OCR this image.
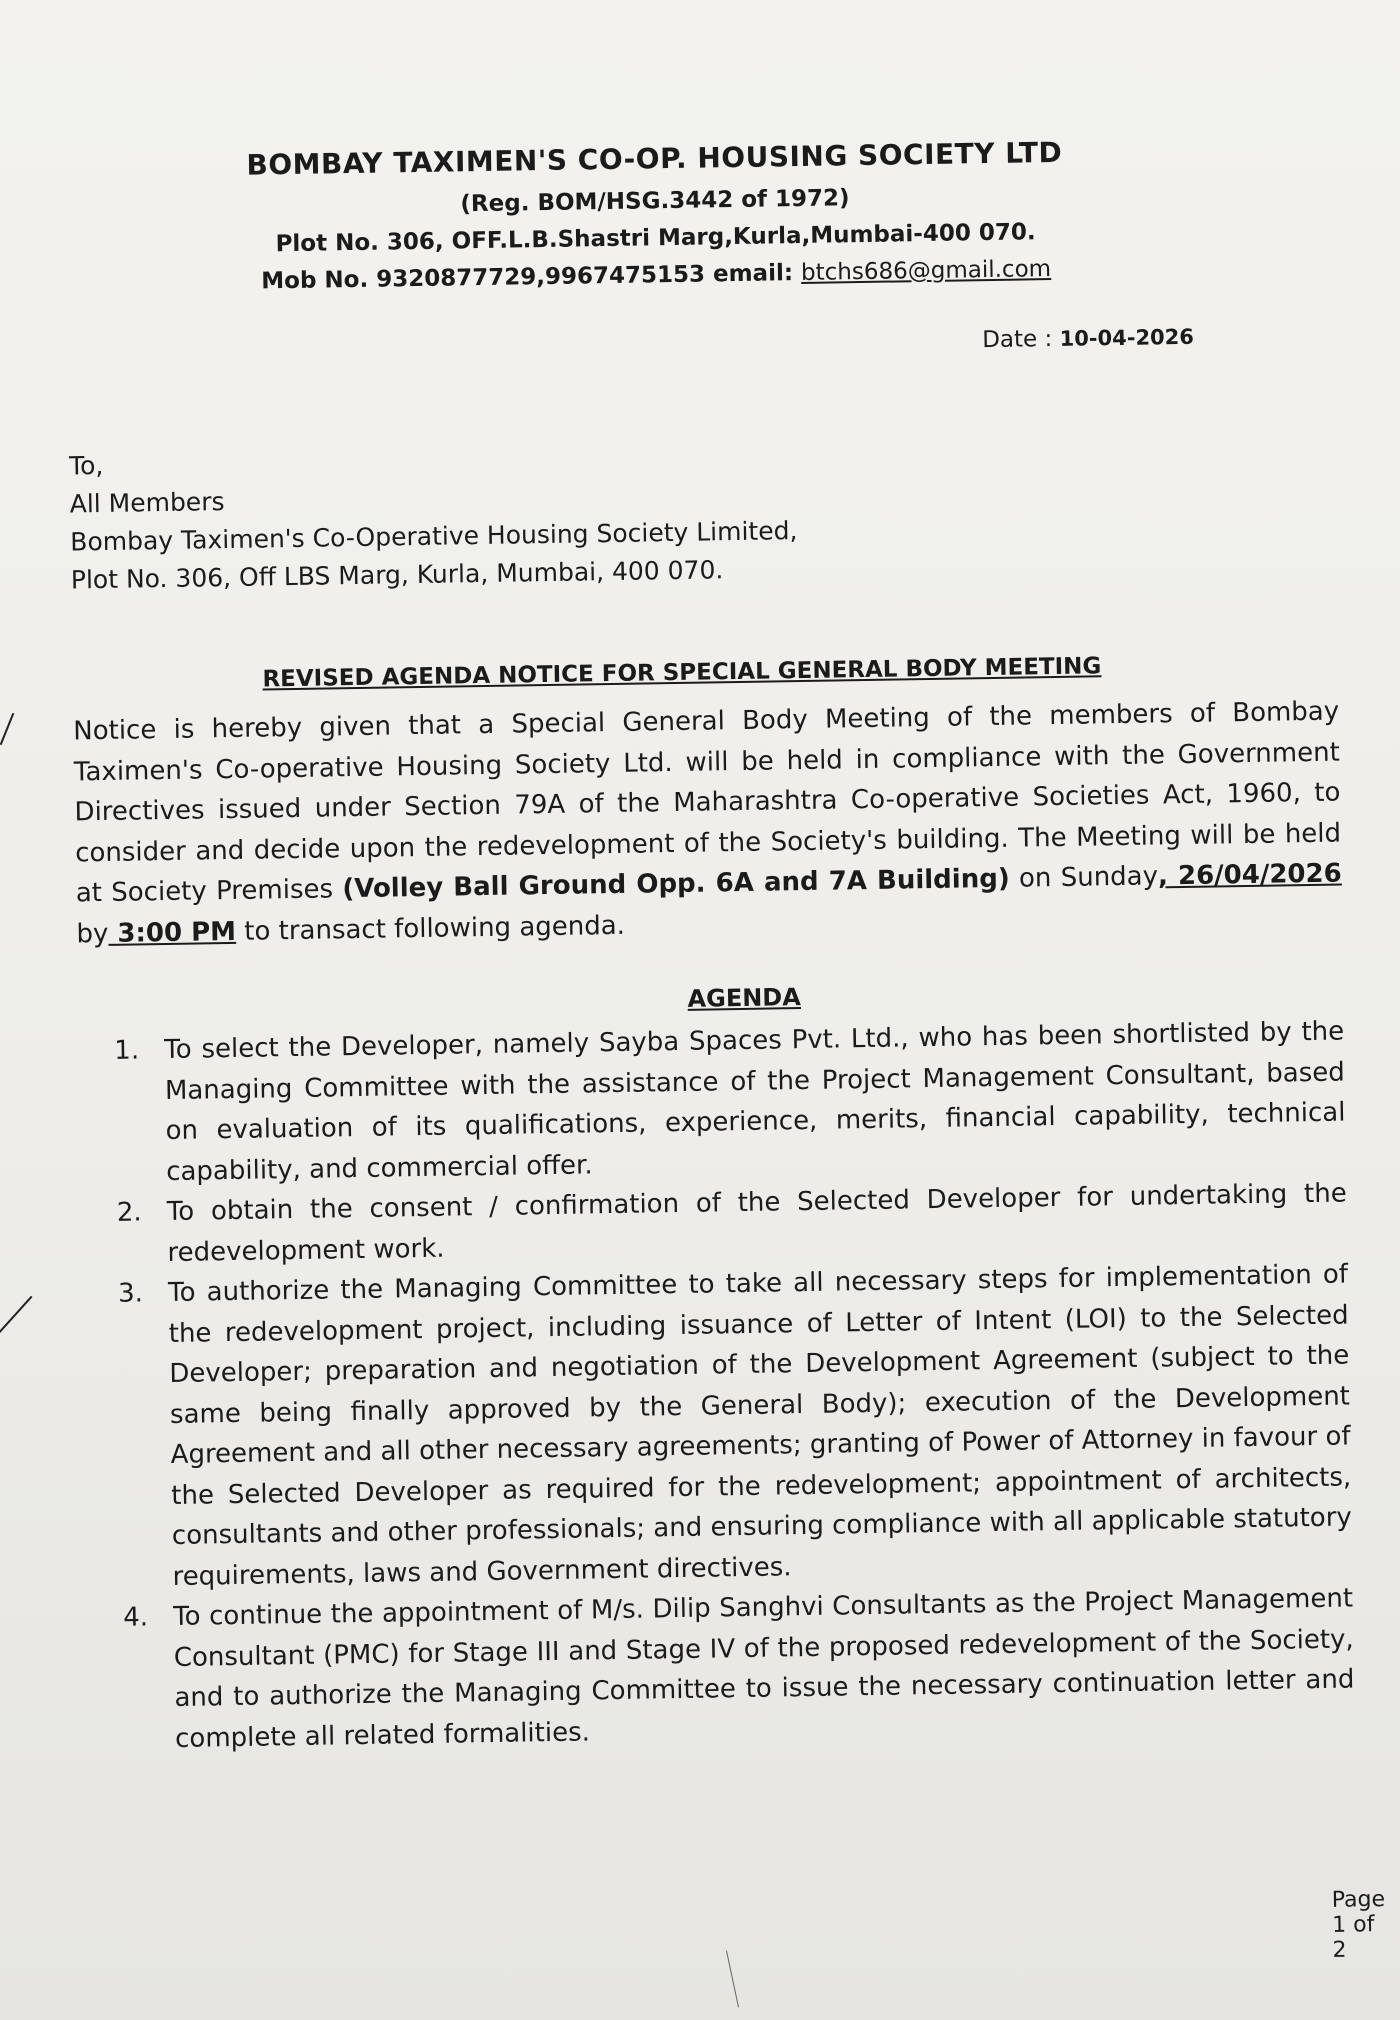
BOMBAY TAXIMEN'S CO-OP. HOUSING SOCIETY LTD
(Reg. BOM/HSG.3442 of 1972)
Plot No. 306, OFF.L.B.Shastri Marg,Kurla,Mumbai-400 070.
Mob No. 9320877729,9967475153 email: btchs686@gmail.com
Date : 10-04-2026
To,
All Members
Bombay Taximen's Co-Operative Housing Society Limited,
Plot No. 306, Off LBS Marg, Kurla, Mumbai, 400 070.
REVISED AGENDA NOTICE FOR SPECIAL GENERAL BODY MEETING
Notice is hereby given that a Special General Body Meeting of the members of Bombay Taximen's Co-operative Housing Society Ltd. will be held in compliance with the Government Directives issued under Section 79A of the Maharashtra Co-operative Societies Act, 1960, to consider and decide upon the redevelopment of the Society's building. The Meeting will be held at Society Premises (Volley Ball Ground Opp. 6A and 7A Building) on Sunday, 26/04/2026 by 3:00 PM to transact following agenda.
AGENDA
1. To select the Developer, namely Sayba Spaces Pvt. Ltd., who has been shortlisted by the Managing Committee with the assistance of the Project Management Consultant, based on evaluation of its qualifications, experience, merits, financial capability, technical capability, and commercial offer.
2. To obtain the consent / confirmation of the Selected Developer for undertaking the redevelopment work.
3. To authorize the Managing Committee to take all necessary steps for implementation of the redevelopment project, including issuance of Letter of Intent (LOI) to the Selected Developer; preparation and negotiation of the Development Agreement (subject to the same being finally approved by the General Body); execution of the Development Agreement and all other necessary agreements; granting of Power of Attorney in favour of the Selected Developer as required for the redevelopment; appointment of architects, consultants and other professionals; and ensuring compliance with all applicable statutory requirements, laws and Government directives.
4. To continue the appointment of M/s. Dilip Sanghvi Consultants as the Project Management Consultant (PMC) for Stage III and Stage IV of the proposed redevelopment of the Society, and to authorize the Managing Committee to issue the necessary continuation letter and complete all related formalities.
Page 1 of 2
